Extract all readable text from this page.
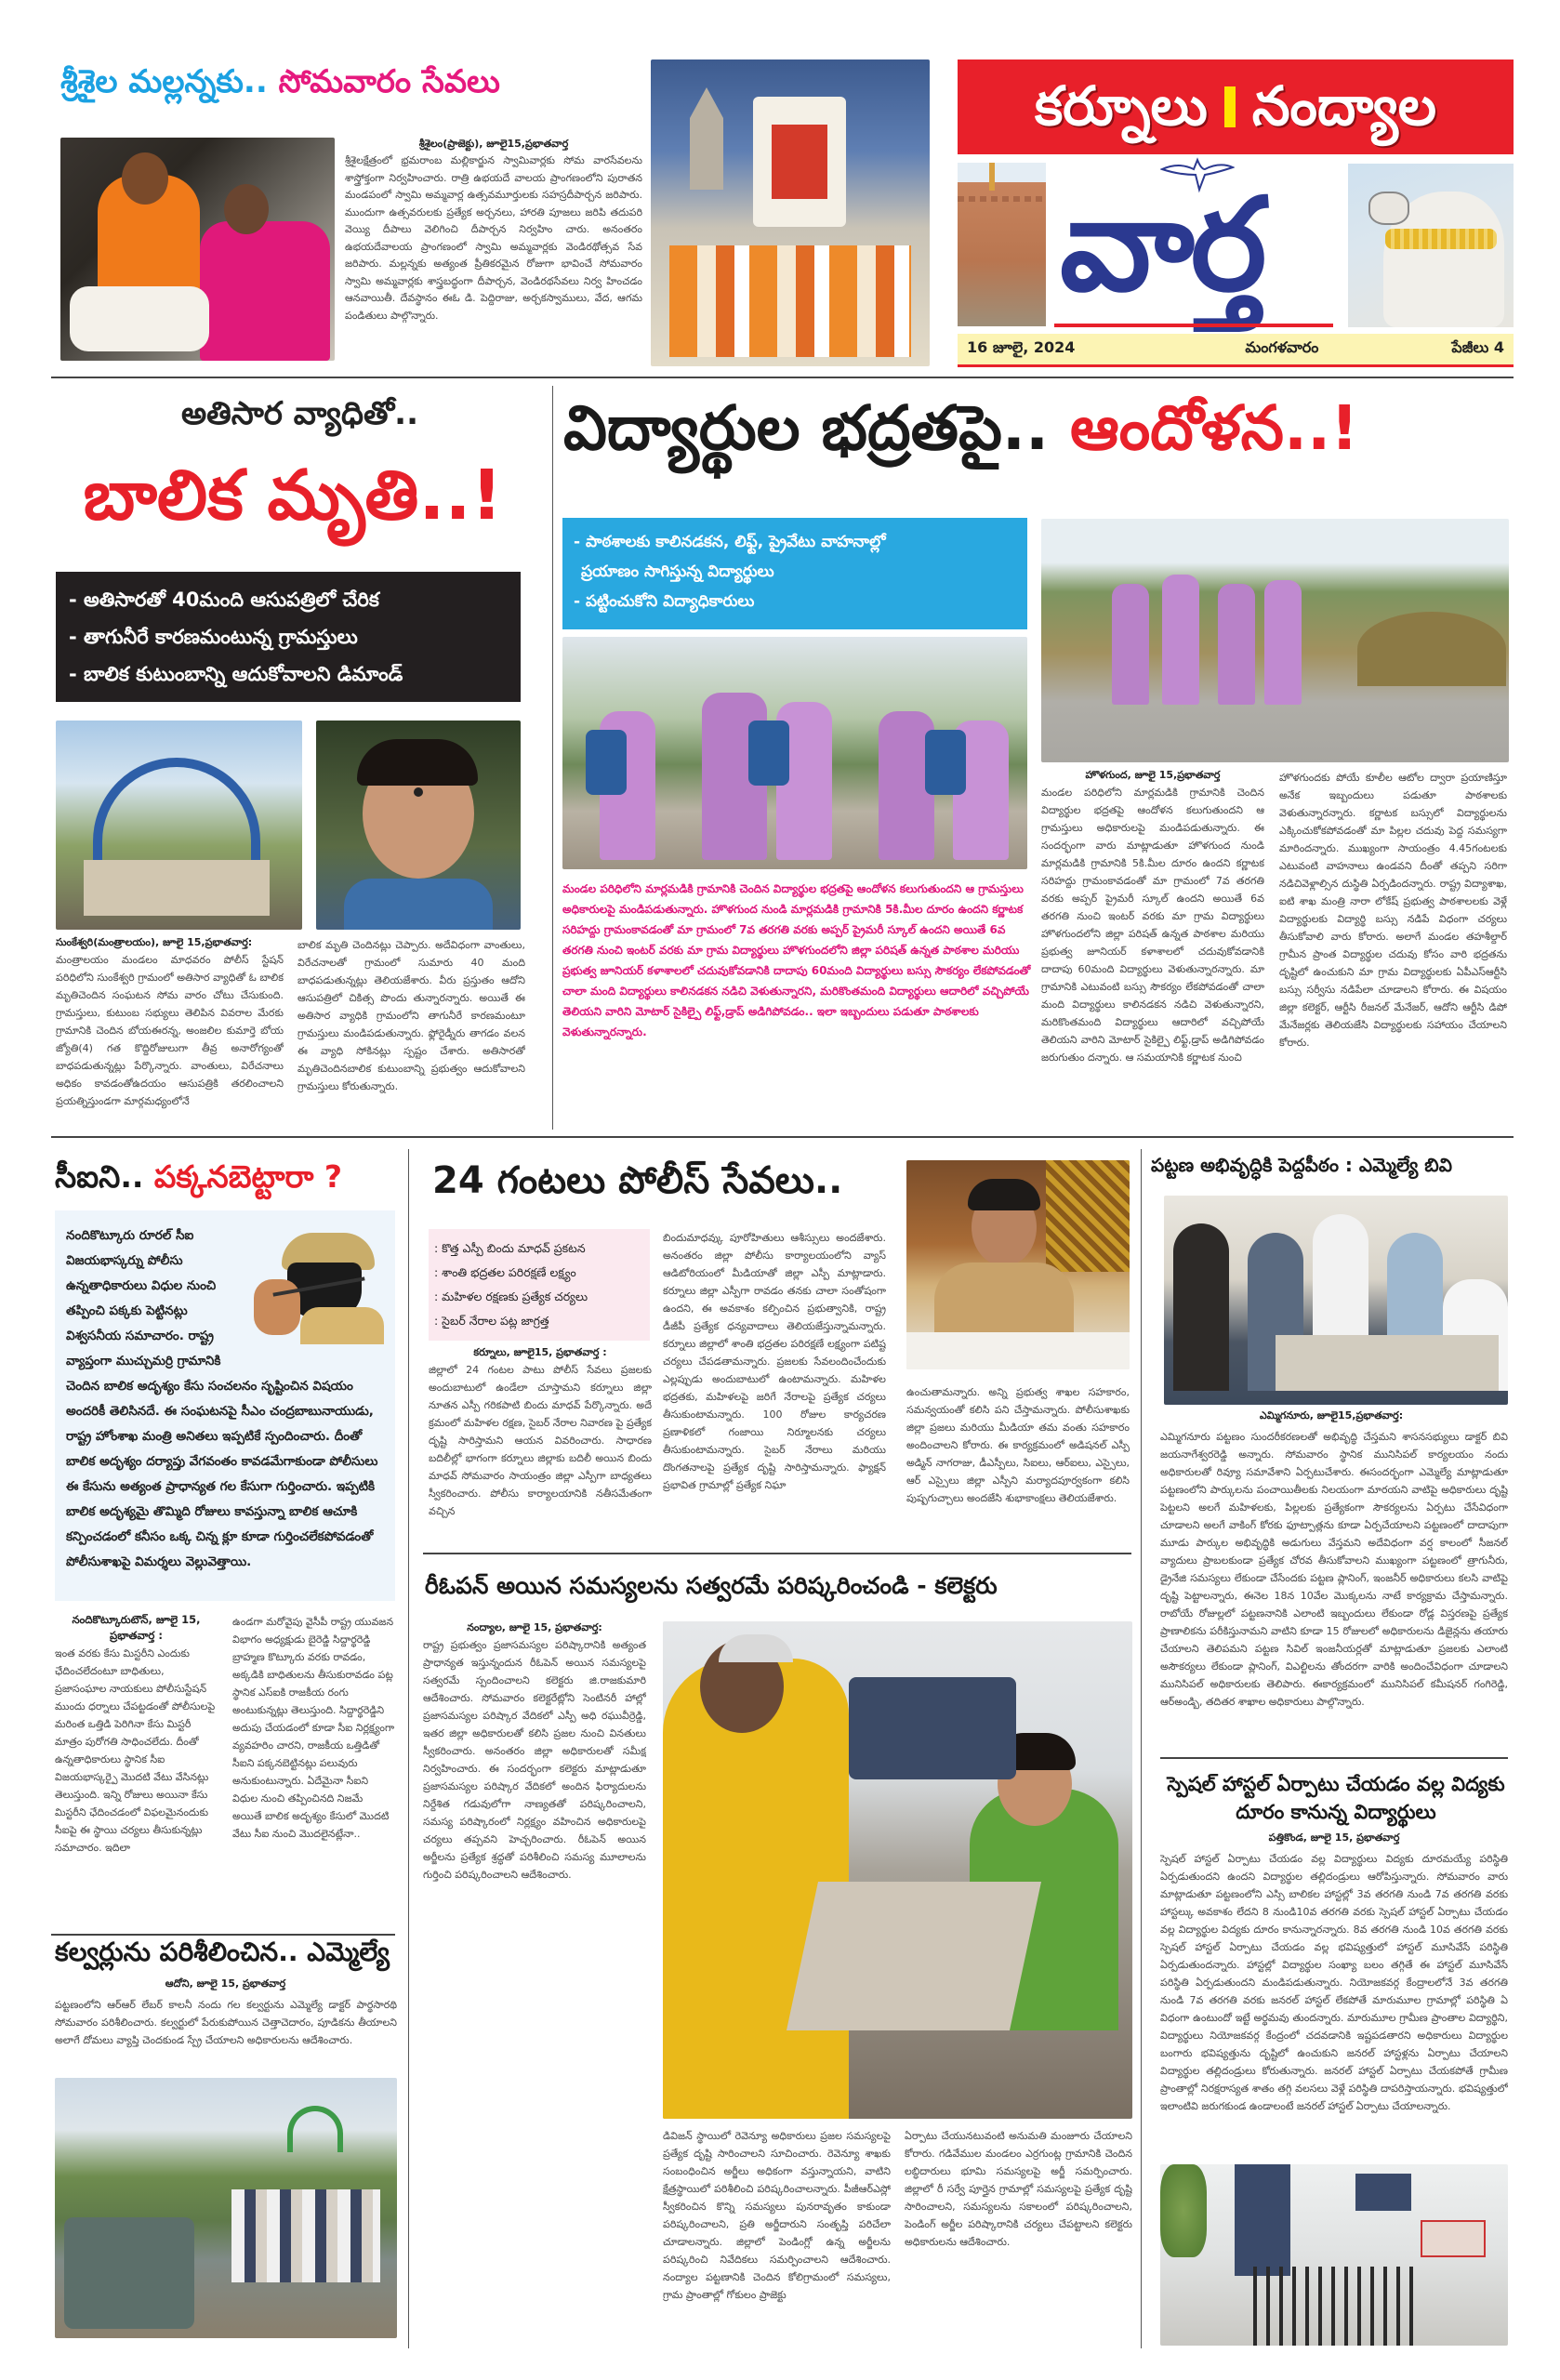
కర్నూలు నంద్యాల
వార్త
16 జూలై, 2024	మంగళవారం	పేజీలు 4
శ్రీశైల మల్లన్నకు.. సోమవారం సేవలు
శ్రీశైలం(ప్రాజెక్టు), జూలై15,ప్రభాతవార్త
శ్రీశైలక్షేత్రంలో భ్రమరాంబ మల్లికార్జున స్వామివార్లకు సోమ వారసేవలను శాస్త్రోక్తంగా నిర్వహించారు. రాత్రి ఉభయదే వాలయ ప్రాంగణంలోని పురాతన మండపంలో స్వామి అమ్మవార్ల ఉత్సవమూర్తులకు సహస్రదీపార్చన జరిపారు. ముందుగా ఉత్సవరులకు ప్రత్యేక అర్చనలు, హారతి పూజలు జరిపి తదుపరి వెయ్యి దీపాలు వెలిగించి దీపార్చన నిర్వహిం చారు. అనంతరం ఉభయదేవాలయ ప్రాంగణంలో స్వామి అమ్మవార్లకు వెండిరథోత్సవ సేవ జరిపారు. మల్లన్నకు అత్యంత ప్రీతికరమైన రోజుగా భావించే సోమవారం స్వామి అమ్మవార్లకు శాస్త్రబద్ధంగా దీపార్చన, వెండిరథసేవలు నిర్వ హించడం ఆనవాయితీ. దేవస్థానం ఈఓ డి. పెద్దిరాజు, అర్చకస్వాములు, వేద, ఆగమ పండితులు పాల్గొన్నారు.
అతిసార వ్యాధితో..
బాలిక మృతి..!
- అతిసారతో 40మంది ఆసుపత్రిలో చేరిక
- తాగునీరే కారణమంటున్న గ్రామస్తులు
- బాలిక కుటుంబాన్ని ఆదుకోవాలని డిమాండ్
సుంకేశ్వరి(మంత్రాలయం), జూలై 15,ప్రభాతవార్త:
మంత్రాలయం మండలం మాధవరం పోలీస్ స్టేషన్ పరిధిలోని సుంకేశ్వరి గ్రామంలో అతిసార వ్యాధితో ఓ బాలిక మృతిచెందిన సంఘటన సోమ వారం చోటు చేసుకుంది. గ్రామస్తులు, కుటుంబ సభ్యులు తెలిపిన వివరాల మేరకు గ్రామానికి చెందిన బోయఈరన్న, అంజలిల కుమార్తె బోయ జ్యోతి(4) గత కొద్దిరోజులుగా తీవ్ర అనారోగ్యంతో బాధపడుతున్నట్లు పేర్కొన్నారు. వాంతులు, విరేచనాలు అధికం కావడంతోఉదయం ఆసుపత్రికి తరలించాలని ప్రయత్నిస్తుండగా మార్గమధ్యంలోనే
బాలిక మృతి చెందినట్లు చెప్పారు. అదేవిధంగా వాంతులు, విరేచనాలతో గ్రామంలో సుమారు 40 మంది బాధపడుతున్నట్లు తెలియజేశారు. వీరు ప్రస్తుతం ఆదోని ఆసుపత్రిలో చికిత్స పొందు తున్నారన్నారు. అయితే ఈ అతిసార వ్యాధికి గ్రామంలోని తాగునీరే కారణమంటూ గ్రామస్తులు మండిపడుతున్నారు. ఫ్లోరైడ్నీరు తాగడం వలన ఈ వ్యాధి సోకినట్లు స్పష్టం చేశారు. అతిసారతో మృతిచెందినబాలిక కుటుంబాన్ని ప్రభుత్వం ఆదుకోవాలని గ్రామస్తులు కోరుతున్నారు.
విద్యార్థుల భద్రతపై.. ఆందోళన..!
- పాఠశాలకు కాలినడకన, లిఫ్ట్, ప్రైవేటు వాహనాల్లో
ప్రయాణం సాగిస్తున్న విద్యార్థులు
- పట్టించుకోని విద్యాధికారులు
మండల పరిధిలోని మార్లమడికి గ్రామానికి చెందిన విద్యార్థుల భద్రతపై ఆందోళన కలుగుతుందని ఆ గ్రామస్తులు అధికారులపై మండిపడుతున్నారు. హొళగుంద నుండి మార్లమడికి గ్రామానికి 5కి.మీల దూరం ఉందని కర్ణాటక సరిహద్దు గ్రామంకావడంతో మా గ్రామంలో 7వ తరగతి వరకు అప్పర్ ప్రైమరీ స్కూల్ ఉందని అయితే 6వ తరగతి నుంచి ఇంటర్ వరకు మా గ్రామ విద్యార్థులు హొళగుందలోని జిల్లా పరిషత్ ఉన్నత పాఠశాల మరియు ప్రభుత్వ జూనియర్ కళాశాలలో చదువుకోవడానికి దాదాపు 60మంది విద్యార్థులు బస్సు సౌకర్యం లేకపోవడంతో చాలా మంది విద్యార్థులు కాలినడకన నడిచి వెళుతున్నారని, మరికొంతమంది విద్యార్థులు ఆదారిలో వచ్చిపోయే తెలియని వారిని మోటార్ సైకిల్పై లిఫ్ట్,డ్రాప్ అడిగిపోవడం.. ఇలా ఇబ్బందులు పడుతూ పాఠశాలకు వెళుతున్నారన్నారు.
హొళగుంద, జూలై 15,ప్రభాతవార్త
మండల పరిధిలోని మార్లమడికి గ్రామానికి చెందిన విద్యార్థుల భద్రతపై ఆందోళన కలుగుతుందని ఆ గ్రామస్తులు అధికారులపై మండిపడుతున్నారు. ఈ సందర్భంగా వారు మాట్లాడుతూ హొళగుంద నుండి మార్లమడికి గ్రామానికి 5కి.మీల దూరం ఉందని కర్ణాటక సరిహద్దు గ్రామంకావడంతో మా గ్రామంలో 7వ తరగతి వరకు అప్పర్ ప్రైమరీ స్కూల్ ఉందని అయితే 6వ తరగతి నుంచి ఇంటర్ వరకు మా గ్రామ విద్యార్థులు హొళగుందలోని జిల్లా పరిషత్ ఉన్నత పాఠశాల మరియు ప్రభుత్వ జూనియర్ కళాశాలలో చదువుకోవడానికి దాదాపు 60మంది విద్యార్థులు వెళుతున్నారన్నారు. మా గ్రామానికి ఎటువంటి బస్సు సౌకర్యం లేకపోవడంతో చాలా మంది విద్యార్థులు కాలినడకన నడిచి వెళుతున్నారని, మరికొంతమంది విద్యార్థులు ఆదారిలో వచ్చిపోయే తెలియని వారిని మోటార్ సైకిల్పై లిఫ్ట్,డ్రాప్ అడిగిపోవడం జరుగుతుం దన్నారు. ఆ సమయానికి కర్ణాటక నుంచి
హొళగుందకు పోయే కూలీల ఆటోల ద్వారా ప్రయాణిస్తూ అనేక ఇబ్బందులు పడుతూ పాఠశాలకు వెళుతున్నారన్నారు. కర్ణాటక బస్సులో విద్యార్థులను ఎక్కించుకోకపోవడంతో మా పిల్లల చదువు పెద్ద సమస్యగా మారిందన్నారు. ముఖ్యంగా సాయంత్రం 4.45గంటలకు ఎటువంటి వాహనాలు ఉండవని దీంతో తప్పని సరిగా నడిచివెళ్లాల్సిన దుస్థితి ఏర్పడిందన్నారు. రాష్ట్ర విద్యాశాఖ, ఐటి శాఖ మంత్రి నారా లోకేష్ ప్రభుత్వ పాఠశాలలకు వెళ్లే విద్యార్థులకు విద్యార్థి బస్సు నడిపే విధంగా చర్యలు తీసుకోవాలి వారు కోరారు. అలాగే మండల తహశీల్దార్ గ్రామీన ప్రాంత విద్యార్థుల చదువు కోసం వారి భద్రతను దృష్టిలో ఉంచుకుని మా గ్రామ విద్యార్థులకు ఏపీఎస్ఆర్టీసి బస్సు సర్వీసు నడిపేలా చూడాలని కోరారు. ఈ విషయం జిల్లా కలెక్టర్, ఆర్టీసి రీజనల్ మేనేజర్, ఆదోని ఆర్టీసి డిపో మేనేజర్లకు తెలియజేసి విద్యార్థులకు సహాయం చేయాలని కోరారు.
సీఐని.. పక్కనబెట్టారా ?
నందికొట్కూరు రూరల్ సీఐ విజయభాస్కర్ను పోలీసు ఉన్నతాధికారులు విధుల నుంచి తప్పించి పక్కకు పెట్టినట్లు విశ్వసనీయ సమాచారం. రాష్ట్ర వ్యాప్తంగా ముచ్చుమర్రి గ్రామానికి చెందిన బాలిక అదృశ్యం కేసు సంచలనం సృష్టించిన విషయం అందరికీ తెలిసినదే. ఈ సంఘటనపై సీఎం చంద్రబాబునాయుడు, రాష్ట్ర హోంశాఖ మంత్రి అనితలు ఇప్పటికే స్పందించారు. దీంతో బాలిక అదృశ్యం దర్యాప్తు వేగవంతం కావడమేగాకుండా పోలీసులు ఈ కేసును అత్యంత ప్రాధాన్యత గల కేసుగా గుర్తించారు. ఇప్పటికి బాలిక అదృశ్యమై తొమ్మిది రోజులు కావస్తున్నా బాలిక ఆచూకి కన్పించడంలో కనీసం ఒక్క చిన్న క్లూ కూడా గుర్తించలేకపోవడంతో పోలీసుశాఖపై విమర్శలు వెల్లువెత్తాయి.
నందికొట్కూరుటౌన్, జూలై 15, ప్రభాతవార్త :
ఇంత వరకు కేసు మిస్టరీని ఎందుకు ఛేదించలేదంటూ బాధితులు, ప్రజాసంఘాల నాయకులు పోలీసుస్టేషన్ ముందు ధర్నాలు చేపట్టడంతో పోలీసులపై మరింత ఒత్తిడి పెరిగినా కేసు మిస్టరీ మాత్రం పురోగతి సాధించలేదు. దీంతో ఉన్నతాధికారులు స్థానిక సీఐ విజయభాస్కర్పై మొదటి వేటు వేసినట్లు తెలుస్తుంది. ఇన్ని రోజులు అయినా కేసు మిస్టరీని ఛేదించడంలో విఫలమైనందుకు సీఐపై ఈ స్థాయి చర్యలు తీసుకున్నట్లు సమాచారం. ఇదిలా
ఉండగా మరోవైపు వైసీపీ రాష్ట్ర యువజన విభాగం అధ్యక్షుడు బైరెడ్డి సిద్దార్థరెడ్డి బ్రాహ్మణ కొట్కూరు వరకు రావడం, అక్కడికి బాధితులను తీసుకురావడం పట్ల స్థానిక ఎస్ఐకి రాజకీయ రంగు అంటుకున్నట్లు తెలుస్తుంది. సిద్దార్థరెడ్డిని అదుపు చేయడంలో కూడా సీఐ నిర్లక్ష్యంగా వ్యవహరిం చారని, రాజకీయ ఒత్తిడితో సీఐని పక్కనబెట్టినట్లు పలువురు అనుకుంటున్నారు. ఏదేమైనా సీఐని విధుల నుంచి తప్పించినది నిజమే అయితే బాలిక అదృశ్యం కేసులో మొదటి వేటు సీఐ నుంచి మొదలైనట్లేనా..
కల్వర్లును పరిశీలించిన.. ఎమ్మెల్యే
ఆదోని, జూలై 15, ప్రభాతవార్త
పట్టణంలోని ఆర్ఆర్ లేబర్ కాలనీ నందు గల కల్వర్టును ఎమ్మెల్యే డాక్టర్ పార్థసారథి సోమవారం పరిశీలించారు. కల్వర్టులో పేరుకుపోయిన చెత్తాచెదారం, పూడికను తీయాలని అలాగే దోమలు వ్యాప్తి చెందకుండ స్ప్రే చేయాలని అధికారులను ఆదేశించారు.
24 గంటలు పోలీస్ సేవలు..
: కొత్త ఎస్పీ బిందు మాధవ్ ప్రకటన
: శాంతి భద్రతల పరిరక్షణే లక్ష్యం
: మహిళల రక్షణకు ప్రత్యేక చర్యలు
: సైబర్ నేరాల పట్ల జాగ్రత్త
కర్నూలు, జూలై15, ప్రభాతవార్త :
జిల్లాలో 24 గంటల పాటు పోలీస్ సేవలు ప్రజలకు అందుబాటులో ఉండేలా చూస్తామని కర్నూలు జిల్లా నూతన ఎస్పీ గరికపాటి బిందు మాధవ్ పేర్కొన్నారు. అదే క్రమంలో మహిళల రక్షణ, సైబర్ నేరాల నివారణ పై ప్రత్యేక దృష్టి సారిస్తామని ఆయన వివరించారు. సాధారణ బదిలీల్లో భాగంగా కర్నూలు జిల్లాకు బదిలీ అయిన బిందు మాధవ్ సోమవారం సాయంత్రం జిల్లా ఎస్పీగా బాధ్యతలు స్వీకరించారు. పోలీసు కార్యాలయానికి నతీసమేతంగా వచ్చిన
బిందుమాధవ్కు పూరోహితులు ఆశీస్సులు అందజేశారు. అనంతరం జిల్లా పోలీసు కార్యాలయంలోని వ్యాస్ ఆడిటోరియంలో మీడియాతో జిల్లా ఎస్పీ మాట్లాడారు. కర్నూలు జిల్లా ఎస్పీగా రావడం తనకు చాలా సంతోషంగా ఉందని, ఈ అవకాశం కల్పించిన ప్రభుత్వానికి, రాష్ట్ర డీజీపీ ప్రత్యేక ధన్యవాదాలు తెలియజేస్తున్నామన్నారు. కర్నూలు జిల్లాలో శాంతి భద్రతల పరిరక్షణే లక్ష్యంగా పటిష్ట చర్యలు చేపడతామన్నారు. ప్రజలకు సేవలందించేందుకు ఎల్లప్పుడు అందుబాటులో ఉంటామన్నారు. మహిళల భద్రతకు, మహిళలపై జరిగే నేరాలపై ప్రత్యేక చర్యలు తీసుకుంటామన్నారు. 100 రోజుల కార్యచరణ ప్రణాళికలో గంజాయి నిర్మూలనకు చర్యలు తీసుకుంటామన్నారు. సైబర్ నేరాలు మరియు దొంగతనాలపై ప్రత్యేక దృష్టి సారిస్తామన్నారు. ఫ్యాక్షన్ ప్రభావిత గ్రామాల్లో ప్రత్యేక నిఘా
ఉంచుతామన్నారు. అన్ని ప్రభుత్వ శాఖల సహకారం, సమన్వయంతో కలిసి పని చేస్తామన్నారు. పోలీసుశాఖకు జిల్లా ప్రజలు మరియు మీడియా తమ వంతు సహకారం అందించాలని కోరారు. ఈ కార్యక్రమంలో అడిషనల్ ఎస్పీ అడ్మిన్ నాగరాజు, డీఎస్పీలు, సిఐలు, ఆర్ఐలు, ఎస్సైలు, ఆర్ ఎస్సైలు జిల్లా ఎస్పీని మర్యాదపూర్వకంగా కలిసి పుష్పగుచ్చాలు అందజేసి శుభాకాంక్షలు తెలియజేశారు.
రీఓపన్ అయిన సమస్యలను సత్వరమే పరిష్కరించండి - కలెక్టరు
నంద్యాల, జూలై 15, ప్రభాతవార్త:
రాష్ట్ర ప్రభుత్వం ప్రజాసమస్యల పరిష్కారానికి అత్యంత ప్రాధాన్యత ఇస్తున్నందున రీఓపెన్ అయిన సమస్యలపై సత్వరమే స్పందించాలని కలెక్టరు జి.రాజకుమారి ఆదేశించారు. సోమవారం కలెక్టరేట్లోని సెంటినరీ హాల్లో ప్రజాసమస్యల పరిష్కార వేదికలో ఎస్పీ అధి రఘువీర్రెడ్డి, ఇతర జిల్లా అధికారులతో కలిసి ప్రజల నుంచి వినతులు స్వీకరించారు. అనంతరం జిల్లా అధికారులతో సమీక్ష నిర్వహించారు. ఈ సందర్భంగా కలెక్టరు మాట్లాడుతూ ప్రజాసమస్యల పరిష్కార వేదికలో అందిన ఫిర్యాదులను నిర్దేశిత గడువులోగా నాణ్యతతో పరిష్కరించాలని, సమస్య పరిష్కారంలో నిర్లక్ష్యం వహించిన అధికారులపై చర్యలు తప్పవని హెచ్చరించారు. రీఓపెన్ అయిన అర్జీలను ప్రత్యేక శ్రద్ధతో పరిశీలించి సమస్య మూలాలను గుర్తించి పరిష్కరించాలని ఆదేశించారు.
డివిజన్ స్థాయిలో రెవెన్యూ అధికారులు ప్రజల సమస్యలపై ప్రత్యేక దృష్టి సారించాలని సూచించారు. రెవెన్యూ శాఖకు సంబంధించిన అర్జీలు అధికంగా వస్తున్నాయని, వాటిని క్షేత్రస్థాయిలో పరిశీలించి పరిష్కరించాలన్నారు. పీజీఆర్ఎస్లో స్వీకరించిన కొన్ని సమస్యలు పునరావృతం కాకుండా పరిష్కరించాలని, ప్రతి అర్జీదారుని సంతృప్తి పరిచేలా చూడాలన్నారు. జిల్లాలో పెండింగ్లో ఉన్న అర్జీలను పరిష్కరించి నివేదికలు సమర్పించాలని ఆదేశించారు. నంద్యాల పట్టణానికి చెందిన కోలిగ్రామంలో సమస్యలు, గ్రామ ప్రాంతాల్లో గోకులం ప్రాజెక్టు
ఏర్పాటు చేయునటువంటి అనుమతి మంజూరు చేయాలని కోరారు. గడివేముల మండలం ఎర్రగుంట్ల గ్రామానికి చెందిన లబ్ధిదారులు భూమి సమస్యలపై అర్జీ సమర్పించారు. జిల్లాలో రీ సర్వే పూర్తైన గ్రామాల్లో సమస్యలపై ప్రత్యేక దృష్టి సారించాలని, సమస్యలను సకాలంలో పరిష్కరించాలని, పెండింగ్ అర్జీల పరిష్కారానికి చర్యలు చేపట్టాలని కలెక్టరు అధికారులను ఆదేశించారు.
పట్టణ అభివృద్ధికి పెద్దపీఠం : ఎమ్మెల్యే బివి
ఎమ్మిగనూరు, జూలై15,ప్రభాతవార్త:
ఎమ్మిగనూరు పట్టణం సుందరీకరణలతో అభివృద్ధి చేస్తమని శాసనసభ్యులు డాక్టర్ బివి జయనాగేశ్వరరెడ్డి అన్నారు. సోమవారం స్థానిక మునిసిపల్ కార్యలయం నందు అధికారులతో రివ్యూ సమావేశాని ఏర్పటుచేశారు. ఈసందర్భంగా ఎమ్మెల్యే మాట్లాడుతూ పట్టణంలోని పార్కులను పంచాయితీలకు నిలయంగా మారయని వాటిపై అధికారులు దృష్టి పెట్టలని అలగే మహిళలకు, పిల్లలకు ప్రత్యేకంగా సౌకర్యలను ఏర్పటు చేసేవిధంగా చూడాలని అలగే వాకింగ్ కోరకు ఫూట్పాత్లను కూడా ఏర్పచేయాలని పట్టణంలో దాదాపుగా మూడు పార్కుల అభివృద్ధికి అడుగులు వేస్తమని అదేవిధంగా వర్ష కాలంలో సీజనల్ వ్యాదులు ప్రాబలకుండా ప్రత్యేక చోరవ తీసుకోవాలని ముఖ్యంగా పట్టణంలో త్రాగునీరు, డ్రైనేజి సమస్యలు లేకుండా చేసేందకు పట్టణ ప్లానింగ్, ఇంజనీర్ అధికారులు కలసి వాటిపై దృష్టి పెట్టాలన్నారు, ఈనెల 18న 10వేల మొక్కలను నాటే కార్యక్రామ చేస్తామన్నారు. రాబోయే రోజుల్లలో పట్టణనానికి ఎలాంటి ఇబ్బందులు లేకుండా రోడ్ల విస్తరణపై ప్రత్యేక ప్రాణాలికను పరీకిస్తునామని వాటిని కూడా 15 రోజులలో అధికారులను డిజైన్లను తయారు చేయాలని తెలిపమని పట్టణ సివిల్ ఇంజనీయర్లతో మాట్లాడుతూ ప్రజలకు ఎలాంటి అసౌకర్యలు లేకుండా ప్లానింగ్, విఎల్టిలను తోందరగా వారికి అందించేవిధంగా చూడాలని మునిసిపల్ అధికారులకు తెలిపారు. ఈకార్యక్రమంలో మునిసిపల్ కమీషనర్ గంగిరెడ్డి, ఆర్అండ్బి, తదితర శాఖాల అధికారులు పాల్గొన్నారు.
స్పెషల్ హాస్టల్ ఏర్పాటు చేయడం వల్ల విద్యకు దూరం కానున్న విద్యార్థులు
పత్తికొండ, జూలై 15, ప్రభాతవార్త
స్పెషల్ హాస్టల్ ఏర్పాటు చేయడం వల్ల విద్యార్థులు విద్యకు దూరమయ్యే పరిస్థితి ఏర్పడుతుందని ఉందని విద్యార్థుల తల్లిదండ్రులు ఆరోపిస్తున్నారు. సోమవారం వారు మాట్లాడుతూ పట్టణంలోని ఎస్సి బాలికల హాస్టల్లో 3వ తరగతి నుండి 7వ తరగతి వరకు హాస్టల్కు అవకాశం లేదని 8 నుండి10వ తరగతి వరకు స్పెషల్ హాస్టల్ ఏర్పాటు చేయడం వల్ల విద్యార్థుల విద్యకు దూరం కానున్నారన్నారు. 8వ తరగతి నుండి 10వ తరగతి వరకు స్పెషల్ హాస్టల్ ఏర్పాటు చేయడం వల్ల భవిష్యత్తులో హాస్టల్ మూసివేసే పరిస్థితి ఏర్పడుతుందన్నారు. హాస్టల్లో విద్యార్థుల సంఖ్యా బలం తగ్గితే ఈ హాస్టల్ మూసివేసే పరిస్థితి ఏర్పడుతుందని మండిపడుతున్నారు. నియోజకవర్గ కేంద్రాలలోనే 3వ తరగతి నుండి 7వ తరగతి వరకు జనరల్ హాస్టల్ లేకపోతే మారుమూల గ్రామాల్లో పరిస్థితి ఏ విధంగా ఉంటుందో ఇట్టే అర్థమవు తుందన్నారు. మారుమూల గ్రామీణ ప్రాంతాల విద్యార్థిని, విద్యార్థులు నియోజకవర్గ కేంద్రంలో చదవడానికి ఇష్టపడతారని అధికారులు విద్యార్థుల బంగారు భవిష్యత్తును దృష్టిలో ఉంచుకుని జనరల్ హాస్టళ్లను ఏర్పాటు చేయాలని విద్యార్థుల తల్లిదండ్రులు కోరుతున్నారు. జనరల్ హాస్టల్ ఏర్పాటు చేయకపోతే గ్రామీణ ప్రాంతాల్లో నిరక్షరాస్యత శాతం తగ్గి వలసలు వెళ్లే పరిస్థితి దాపరిస్తాయన్నారు. భవిష్యత్తులో ఇలాంటివి జరుగకుండ ఉండాలంటే జనరల్ హాస్టల్ ఏర్పాటు చేయాలన్నారు.
